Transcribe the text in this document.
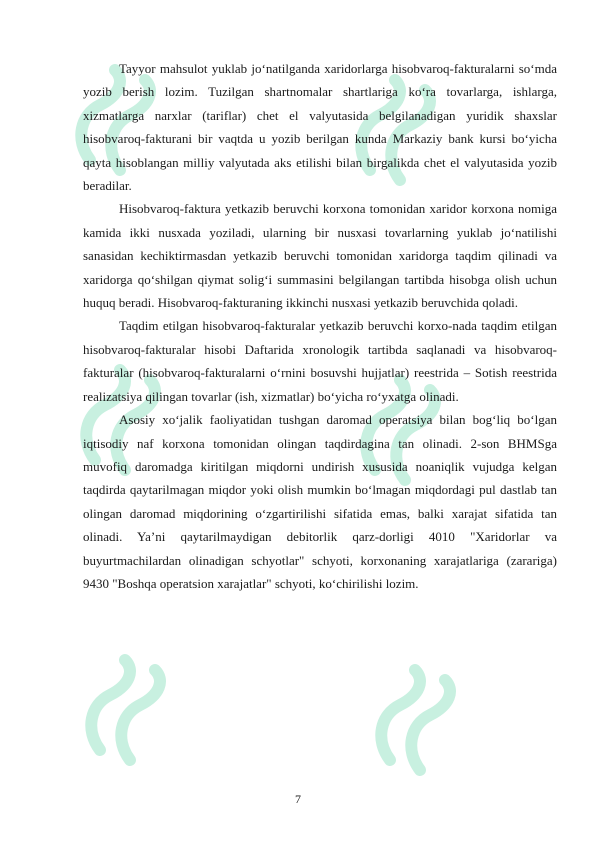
Tayyor mahsulot yuklab joʻnatilganda xaridorlarga hisobvaroq-fakturalarni soʻmda yozib berish lozim. Tuzilgan shartnomalar shartlariga koʻra tovarlarga, ishlarga, xizmatlarga narxlar (tariflar) chet el valyutasida belgilanadigan yuridik shaxslar hisobvaroq-fakturani bir vaqtda u yozib berilgan kunda Markaziy bank kursi boʻyicha qayta hisoblangan milliy valyutada aks etilishi bilan birgalikda chet el valyutasida yozib beradilar.

Hisobvaroq-faktura yetkazib beruvchi korxona tomonidan xaridor korxona nomiga kamida ikki nusxada yoziladi, ularning bir nusxasi tovarlarning yuklab joʻnatilishi sanasidan kechiktirmasdan yetkazib beruvchi tomonidan xaridorga taqdim qilinadi va xaridorga qoʻshilgan qiymat soligʻi summasini belgilangan tartibda hisobga olish uchun huquq beradi. Hisobvaroq-fakturaning ikkinchi nusxasi yetkazib beruvchida qoladi.

Taqdim etilgan hisobvaroq-fakturalar yetkazib beruvchi korxo-nada taqdim etilgan hisobvaroq-fakturalar hisobi Daftarida xronologik tartibda saqlanadi va hisobvaroq-fakturalar (hisobvaroq-fakturalarni oʻrnini bosuvshi hujjatlar) reestrida – Sotish reestrida realizatsiya qilingan tovarlar (ish, xizmatlar) boʻyicha roʻyxatga olinadi.

Asosiy xoʻjalik faoliyatidan tushgan daromad operatsiya bilan bogʻliq boʻlgan iqtisodiy naf korxona tomonidan olingan taqdirdagina tan olinadi. 2-son BHMSga muvofiq daromadga kiritilgan miqdorni undirish xususida noaniqlik vujudga kelgan taqdirda qaytarilmagan miqdor yoki olish mumkin boʻlmagan miqdordagi pul dastlab tan olingan daromad miqdorining oʻzgartirilishi sifatida emas, balki xarajat sifatida tan olinadi. Ya’ni qaytarilmaydigan debitorlik qarz-dorligi 4010 "Xaridorlar va buyurtmachilardan olinadigan schyotlar" schyoti, korxonaning xarajatlariga (zarariga) 9430 "Boshqa operatsion xarajatlar" schyoti, koʻchirilishi lozim.

7
